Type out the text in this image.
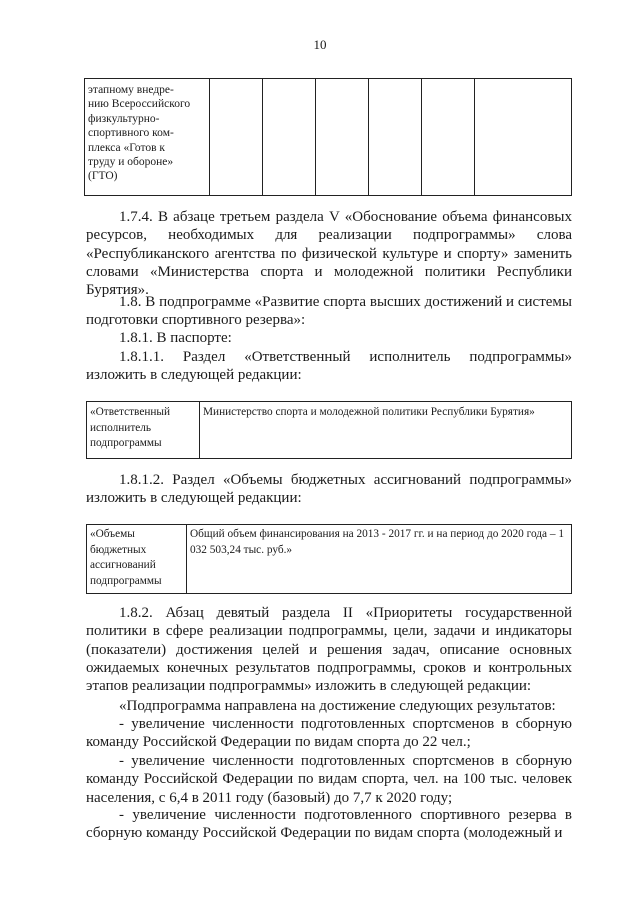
10
этапному внедре-
нию Всероссийского
физкультурно-
спортивного ком-
плекса «Готов к
труду и обороне»
(ГТО)

1.7.4. В абзаце третьем раздела V «Обоснование объема финансовых ресурсов, необходимых для реализации подпрограммы» слова «Республиканского агентства по физической культуре и спорту» заменить словами «Министерства спорта и молодежной политики Республики Бурятия».

1.8. В подпрограмме «Развитие спорта высших достижений и системы подготовки спортивного резерва»:

1.8.1. В паспорте:

1.8.1.1. Раздел «Ответственный исполнитель подпрограммы» изложить в следующей редакции:

«Ответственный исполнитель подпрограммы	Министерство спорта и молодежной политики Республики Бурятия»

1.8.1.2. Раздел «Объемы бюджетных ассигнований подпрограммы» изложить в следующей редакции:

«Объемы бюджетных ассигнований подпрограммы	Общий объем финансирования на 2013 - 2017 гг. и на период до 2020 года – 1 032 503,24 тыс. руб.»

1.8.2. Абзац девятый раздела II «Приоритеты государственной политики в сфере реализации подпрограммы, цели, задачи и индикаторы (показатели) достижения целей и решения задач, описание основных ожидаемых конечных результатов подпрограммы, сроков и контрольных этапов реализации подпрограммы» изложить в следующей редакции:

«Подпрограмма направлена на достижение следующих результатов:

- увеличение численности подготовленных спортсменов в сборную команду Российской Федерации по видам спорта до 22 чел.;

- увеличение численности подготовленных спортсменов в сборную команду Российской Федерации по видам спорта, чел. на 100 тыс. человек населения, с 6,4 в 2011 году (базовый) до 7,7 к 2020 году;

- увеличение численности подготовленного спортивного резерва в сборную команду Российской Федерации по видам спорта (молодежный и
